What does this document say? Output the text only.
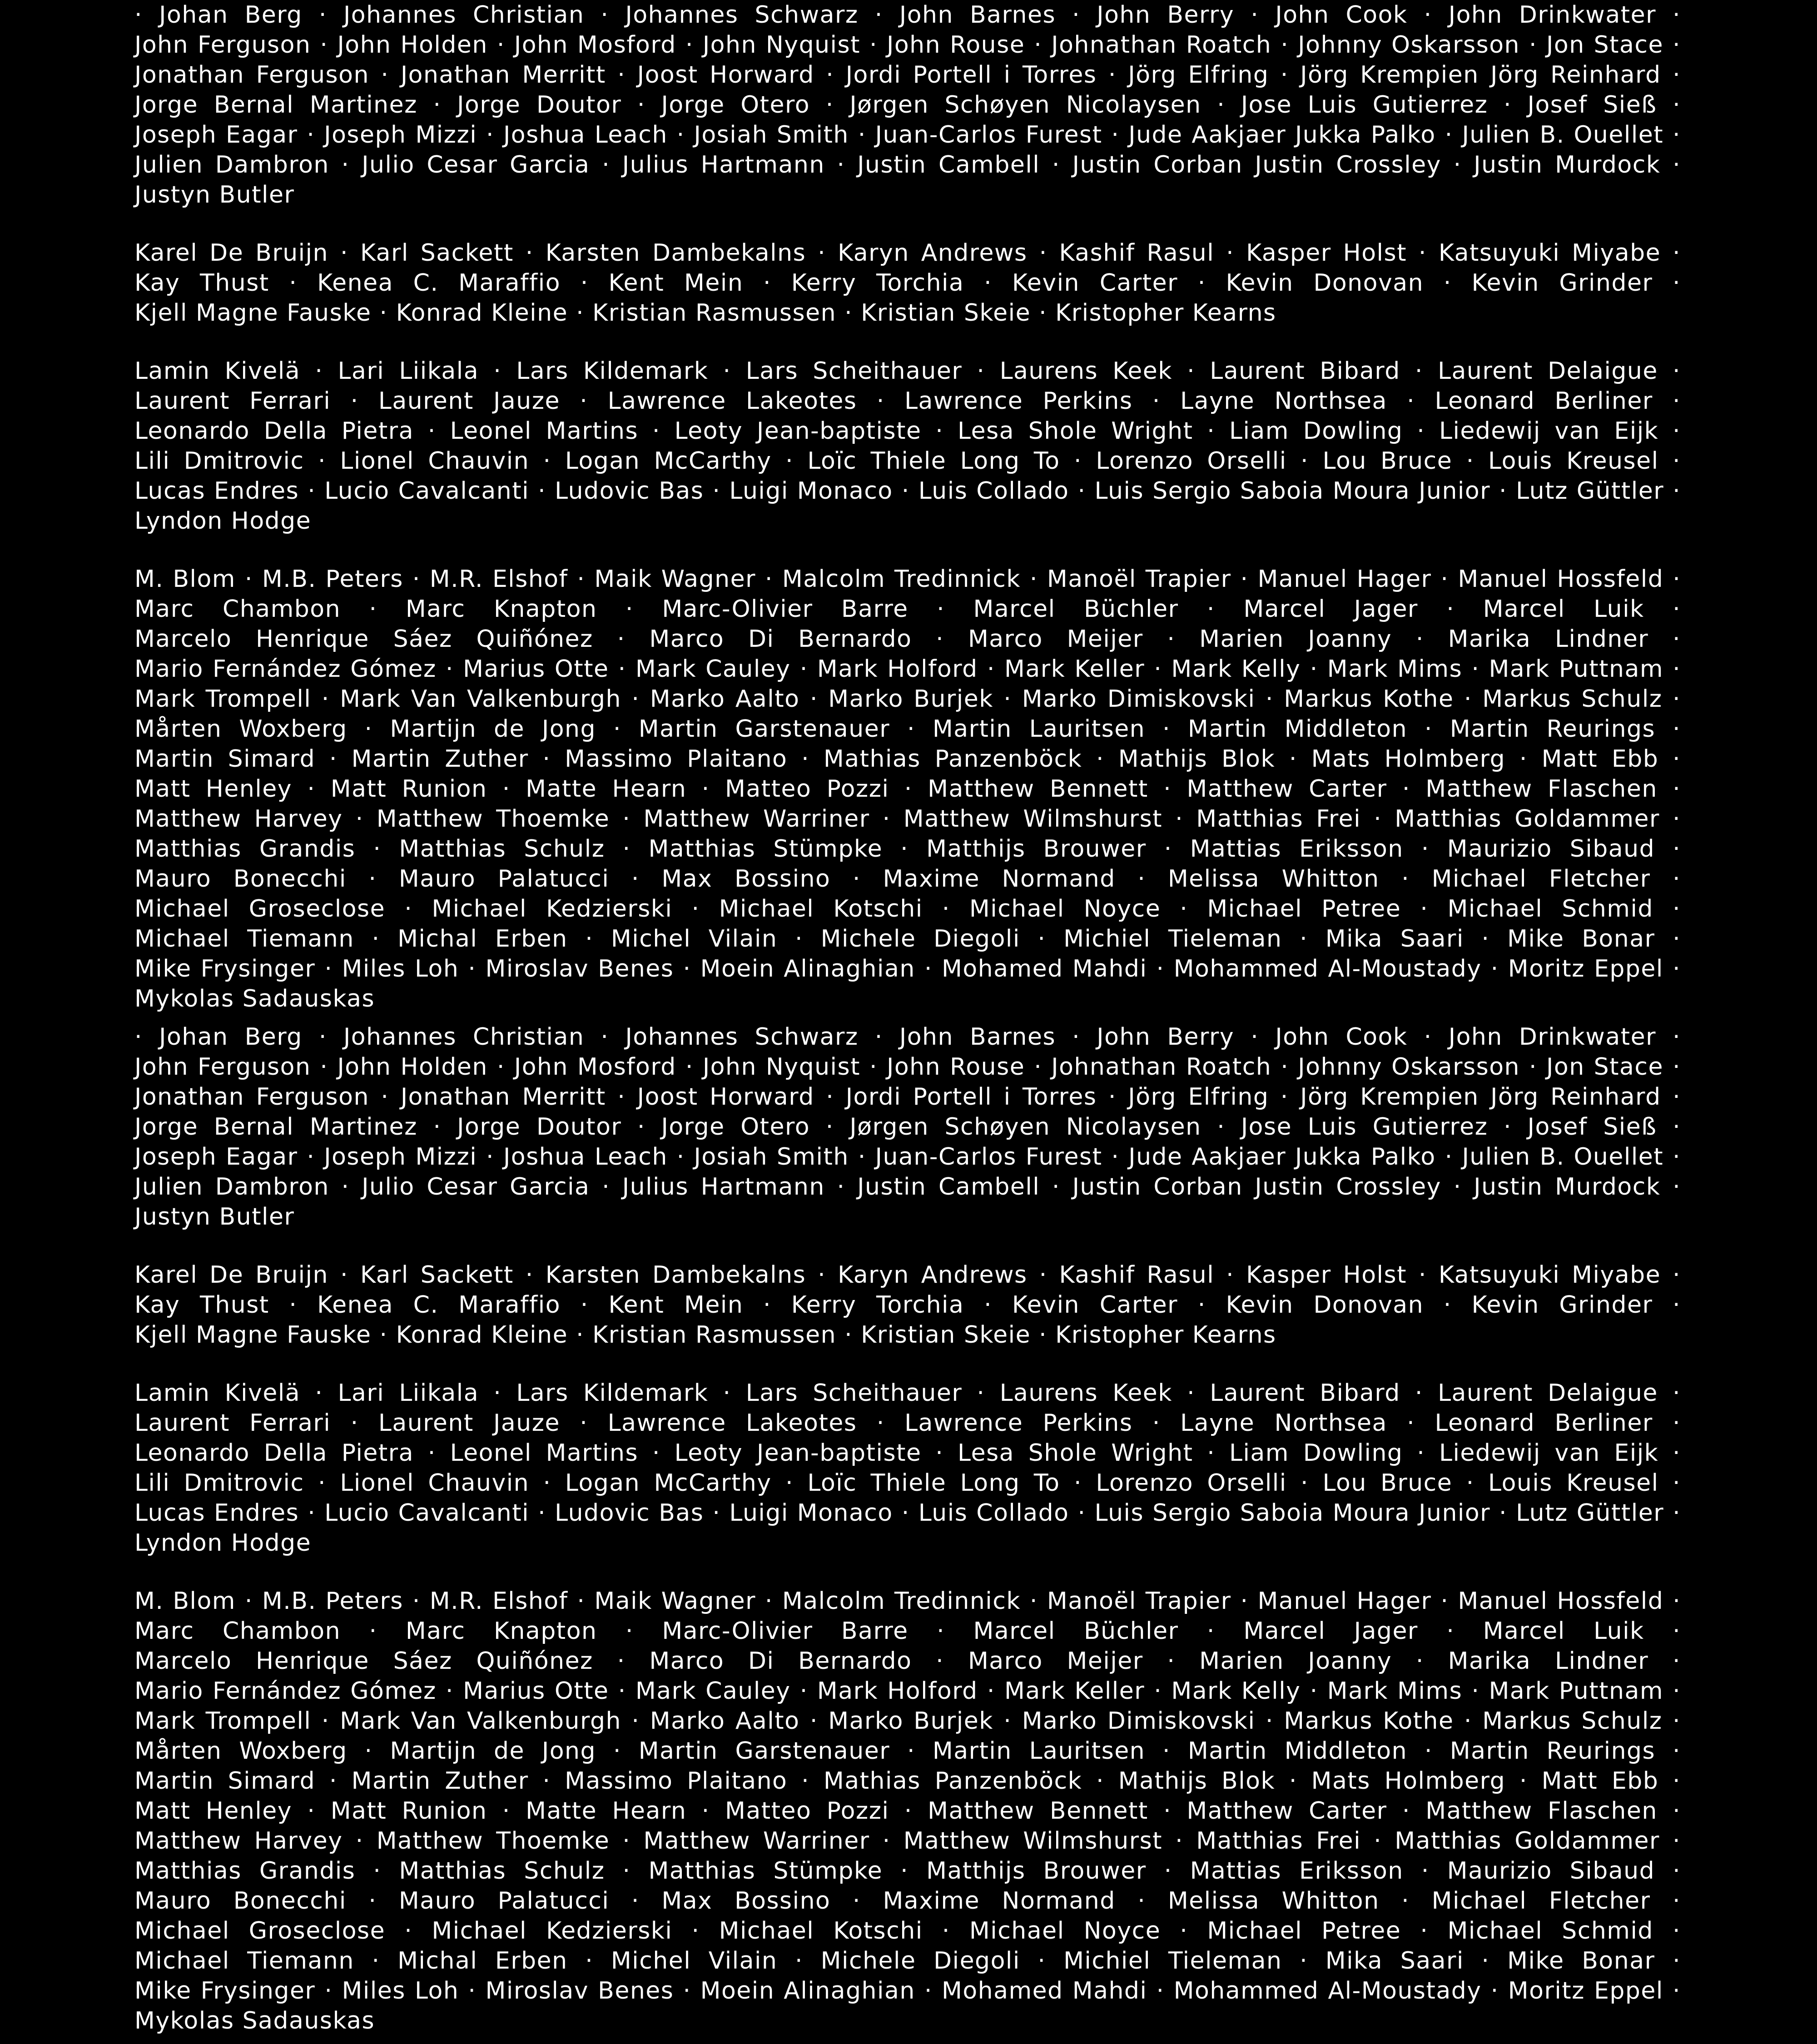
· Johan Berg · Johannes Christian · Johannes Schwarz · John Barnes · John Berry · John Cook · John Drinkwater · John Ferguson · John Holden · John Mosford · John Nyquist · John Rouse · Johnathan Roatch · Johnny Oskarsson · Jon Stace · Jonathan Ferguson · Jonathan Merritt · Joost Horward · Jordi Portell i Torres · Jörg Elfring · Jörg Krempien Jörg Reinhard · Jorge Bernal Martinez · Jorge Doutor · Jorge Otero · Jørgen Schøyen Nicolaysen · Jose Luis Gutierrez · Josef Sieß · Joseph Eagar · Joseph Mizzi · Joshua Leach · Josiah Smith · Juan-Carlos Furest · Jude Aakjaer Jukka Palko · Julien B. Ouellet · Julien Dambron · Julio Cesar Garcia · Julius Hartmann · Justin Cambell · Justin Corban Justin Crossley · Justin Murdock · Justyn Butler

Karel De Bruijn · Karl Sackett · Karsten Dambekalns · Karyn Andrews · Kashif Rasul · Kasper Holst · Katsuyuki Miyabe · Kay Thust · Kenea C. Maraffio · Kent Mein · Kerry Torchia · Kevin Carter · Kevin Donovan · Kevin Grinder · Kjell Magne Fauske · Konrad Kleine · Kristian Rasmussen · Kristian Skeie · Kristopher Kearns

Lamin Kivelä · Lari Liikala · Lars Kildemark · Lars Scheithauer · Laurens Keek · Laurent Bibard · Laurent Delaigue · Laurent Ferrari · Laurent Jauze · Lawrence Lakeotes · Lawrence Perkins · Layne Northsea · Leonard Berliner · Leonardo Della Pietra · Leonel Martins · Leoty Jean-baptiste · Lesa Shole Wright · Liam Dowling · Liedewij van Eijk · Lili Dmitrovic · Lionel Chauvin · Logan McCarthy · Loïc Thiele Long To · Lorenzo Orselli · Lou Bruce · Louis Kreusel · Lucas Endres · Lucio Cavalcanti · Ludovic Bas · Luigi Monaco · Luis Collado · Luis Sergio Saboia Moura Junior · Lutz Güttler · Lyndon Hodge

M. Blom · M.B. Peters · M.R. Elshof · Maik Wagner · Malcolm Tredinnick · Manoël Trapier · Manuel Hager · Manuel Hossfeld · Marc Chambon · Marc Knapton · Marc-Olivier Barre · Marcel Büchler · Marcel Jager · Marcel Luik · Marcelo Henrique Sáez Quiñónez · Marco Di Bernardo · Marco Meijer · Marien Joanny · Marika Lindner · Mario Fernández Gómez · Marius Otte · Mark Cauley · Mark Holford · Mark Keller · Mark Kelly · Mark Mims · Mark Puttnam · Mark Trompell · Mark Van Valkenburgh · Marko Aalto · Marko Burjek · Marko Dimiskovski · Markus Kothe · Markus Schulz · Mårten Woxberg · Martijn de Jong · Martin Garstenauer · Martin Lauritsen · Martin Middleton · Martin Reurings · Martin Simard · Martin Zuther · Massimo Plaitano · Mathias Panzenböck · Mathijs Blok · Mats Holmberg · Matt Ebb · Matt Henley · Matt Runion · Matte Hearn · Matteo Pozzi · Matthew Bennett · Matthew Carter · Matthew Flaschen · Matthew Harvey · Matthew Thoemke · Matthew Warriner · Matthew Wilmshurst · Matthias Frei · Matthias Goldammer · Matthias Grandis · Matthias Schulz · Matthias Stümpke · Matthijs Brouwer · Mattias Eriksson · Maurizio Sibaud · Mauro Bonecchi · Mauro Palatucci · Max Bossino · Maxime Normand · Melissa Whitton · Michael Fletcher · Michael Groseclose · Michael Kedzierski · Michael Kotschi · Michael Noyce · Michael Petree · Michael Schmid · Michael Tiemann · Michal Erben · Michel Vilain · Michele Diegoli · Michiel Tieleman · Mika Saari · Mike Bonar · Mike Frysinger · Miles Loh · Miroslav Benes · Moein Alinaghian · Mohamed Mahdi · Mohammed Al-Moustady · Moritz Eppel · Mykolas Sadauskas

· Johan Berg · Johannes Christian · Johannes Schwarz · John Barnes · John Berry · John Cook · John Drinkwater · John Ferguson · John Holden · John Mosford · John Nyquist · John Rouse · Johnathan Roatch · Johnny Oskarsson · Jon Stace · Jonathan Ferguson · Jonathan Merritt · Joost Horward · Jordi Portell i Torres · Jörg Elfring · Jörg Krempien Jörg Reinhard · Jorge Bernal Martinez · Jorge Doutor · Jorge Otero · Jørgen Schøyen Nicolaysen · Jose Luis Gutierrez · Josef Sieß · Joseph Eagar · Joseph Mizzi · Joshua Leach · Josiah Smith · Juan-Carlos Furest · Jude Aakjaer Jukka Palko · Julien B. Ouellet · Julien Dambron · Julio Cesar Garcia · Julius Hartmann · Justin Cambell · Justin Corban Justin Crossley · Justin Murdock · Justyn Butler

Karel De Bruijn · Karl Sackett · Karsten Dambekalns · Karyn Andrews · Kashif Rasul · Kasper Holst · Katsuyuki Miyabe · Kay Thust · Kenea C. Maraffio · Kent Mein · Kerry Torchia · Kevin Carter · Kevin Donovan · Kevin Grinder · Kjell Magne Fauske · Konrad Kleine · Kristian Rasmussen · Kristian Skeie · Kristopher Kearns

Lamin Kivelä · Lari Liikala · Lars Kildemark · Lars Scheithauer · Laurens Keek · Laurent Bibard · Laurent Delaigue · Laurent Ferrari · Laurent Jauze · Lawrence Lakeotes · Lawrence Perkins · Layne Northsea · Leonard Berliner · Leonardo Della Pietra · Leonel Martins · Leoty Jean-baptiste · Lesa Shole Wright · Liam Dowling · Liedewij van Eijk · Lili Dmitrovic · Lionel Chauvin · Logan McCarthy · Loïc Thiele Long To · Lorenzo Orselli · Lou Bruce · Louis Kreusel · Lucas Endres · Lucio Cavalcanti · Ludovic Bas · Luigi Monaco · Luis Collado · Luis Sergio Saboia Moura Junior · Lutz Güttler · Lyndon Hodge

M. Blom · M.B. Peters · M.R. Elshof · Maik Wagner · Malcolm Tredinnick · Manoël Trapier · Manuel Hager · Manuel Hossfeld · Marc Chambon · Marc Knapton · Marc-Olivier Barre · Marcel Büchler · Marcel Jager · Marcel Luik · Marcelo Henrique Sáez Quiñónez · Marco Di Bernardo · Marco Meijer · Marien Joanny · Marika Lindner · Mario Fernández Gómez · Marius Otte · Mark Cauley · Mark Holford · Mark Keller · Mark Kelly · Mark Mims · Mark Puttnam · Mark Trompell · Mark Van Valkenburgh · Marko Aalto · Marko Burjek · Marko Dimiskovski · Markus Kothe · Markus Schulz · Mårten Woxberg · Martijn de Jong · Martin Garstenauer · Martin Lauritsen · Martin Middleton · Martin Reurings · Martin Simard · Martin Zuther · Massimo Plaitano · Mathias Panzenböck · Mathijs Blok · Mats Holmberg · Matt Ebb · Matt Henley · Matt Runion · Matte Hearn · Matteo Pozzi · Matthew Bennett · Matthew Carter · Matthew Flaschen · Matthew Harvey · Matthew Thoemke · Matthew Warriner · Matthew Wilmshurst · Matthias Frei · Matthias Goldammer · Matthias Grandis · Matthias Schulz · Matthias Stümpke · Matthijs Brouwer · Mattias Eriksson · Maurizio Sibaud · Mauro Bonecchi · Mauro Palatucci · Max Bossino · Maxime Normand · Melissa Whitton · Michael Fletcher · Michael Groseclose · Michael Kedzierski · Michael Kotschi · Michael Noyce · Michael Petree · Michael Schmid · Michael Tiemann · Michal Erben · Michel Vilain · Michele Diegoli · Michiel Tieleman · Mika Saari · Mike Bonar · Mike Frysinger · Miles Loh · Miroslav Benes · Moein Alinaghian · Mohamed Mahdi · Mohammed Al-Moustady · Moritz Eppel · Mykolas Sadauskas
